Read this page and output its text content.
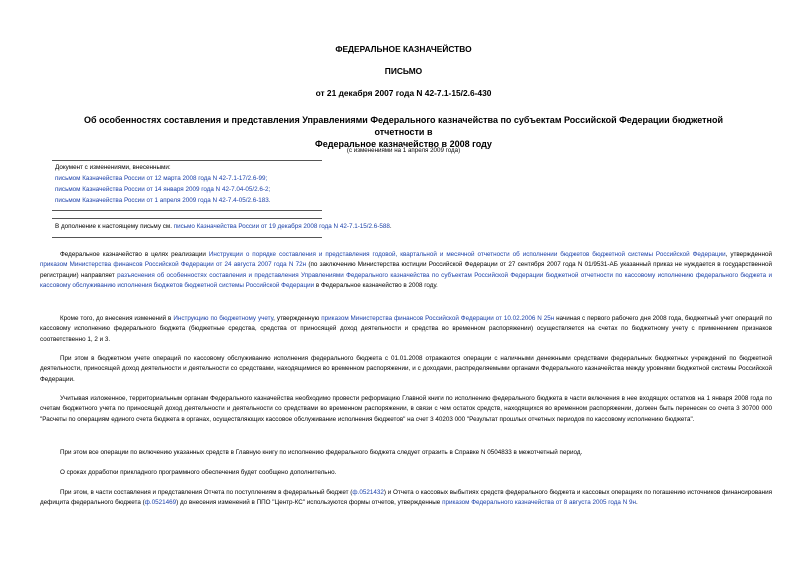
ФЕДЕРАЛЬНОЕ КАЗНАЧЕЙСТВО
ПИСЬМО
от 21 декабря 2007 года N 42-7.1-15/2.6-430
Об особенностях составления и представления Управлениями Федерального казначейства по субъектам Российской Федерации бюджетной отчетности в
Федеральное казначейство в 2008 году
(с изменениями на 1 апреля 2009 года)
Документ с изменениями, внесенными:
письмом Казначейства России от 12 марта 2008 года N 42-7.1-17/2.6-99;
письмом Казначейства России от 14 января 2009 года N 42-7.04-05/2.6-2;
письмом Казначейства России от 1 апреля 2009 года N 42-7.4-05/2.6-183.
В дополнение к настоящему письму см. письмо Казначейства России от 19 декабря 2008 года N 42-7.1-15/2.6-588.
Федеральное казначейство в целях реализации Инструкции о порядке составления и представления годовой, квартальной и месячной отчетности об исполнении бюджетов бюджетной системы Российской Федерации, утвержденной приказом Министерства финансов Российской Федерации от 24 августа 2007 года N 72н (по заключению Министерства юстиции Российской Федерации от 27 сентября 2007 года N 01/9531-АБ указанный приказ не нуждается в государственной регистрации) направляет разъяснения об особенностях составления и представления Управлениями Федерального казначейства по субъектам Российской Федерации бюджетной отчетности по кассовому исполнению федерального бюджета и кассовому обслуживанию исполнения бюджетов бюджетной системы Российской Федерации в Федеральное казначейство в 2008 году.
Кроме того, до внесения изменений в Инструкцию по бюджетному учету, утвержденную приказом Министерства финансов Российской Федерации от 10.02.2006 N 25н начиная с первого рабочего дня 2008 года, бюджетный учет операций по кассовому исполнению федерального бюджета (бюджетные средства, средства от приносящей доход деятельности и средства во временном распоряжении) осуществляется на счетах по бюджетному учету с применением признаков соответственно 1, 2 и 3.
При этом в бюджетном учете операций по кассовому обслуживанию исполнения федерального бюджета с 01.01.2008 отражаются операции с наличными денежными средствами федеральных бюджетных учреждений по бюджетной деятельности, приносящей доход деятельности и деятельности со средствами, находящимися во временном распоряжении, и с доходами, распределяемыми органами Федерального казначейства между уровнями бюджетной системы Российской Федерации.
Учитывая изложенное, территориальным органам Федерального казначейства необходимо провести реформацию Главной книги по исполнению федерального бюджета в части включения в нее входящих остатков на 1 января 2008 года по счетам бюджетного учета по приносящей доход деятельности и деятельности со средствами во временном распоряжении, в связи с чем остаток средств, находящихся во временном распоряжении, должен быть перенесен со счета 3 30700 000 "Расчеты по операциям единого счета бюджета в органах, осуществляющих кассовое обслуживание исполнения бюджетов" на счет 3 40203 000 "Результат прошлых отчетных периодов по кассовому исполнению бюджета".
При этом все операции по включению указанных средств в Главную книгу по исполнению федерального бюджета следует отразить в Справке N 0504833 в межотчетный период.
О сроках доработки прикладного программного обеспечения будет сообщено дополнительно.
При этом, в части составления и представления Отчета по поступлениям в федеральный бюджет (ф.0521432) и Отчета о кассовых выбытиях средств федерального бюджета и кассовых операциях по погашению источников финансирования дефицита федерального бюджета (ф.0521469) до внесения изменений в ППО "Центр-КС" используются формы отчетов, утвержденные приказом Федерального казначейства от 8 августа 2005 года N 9н.
